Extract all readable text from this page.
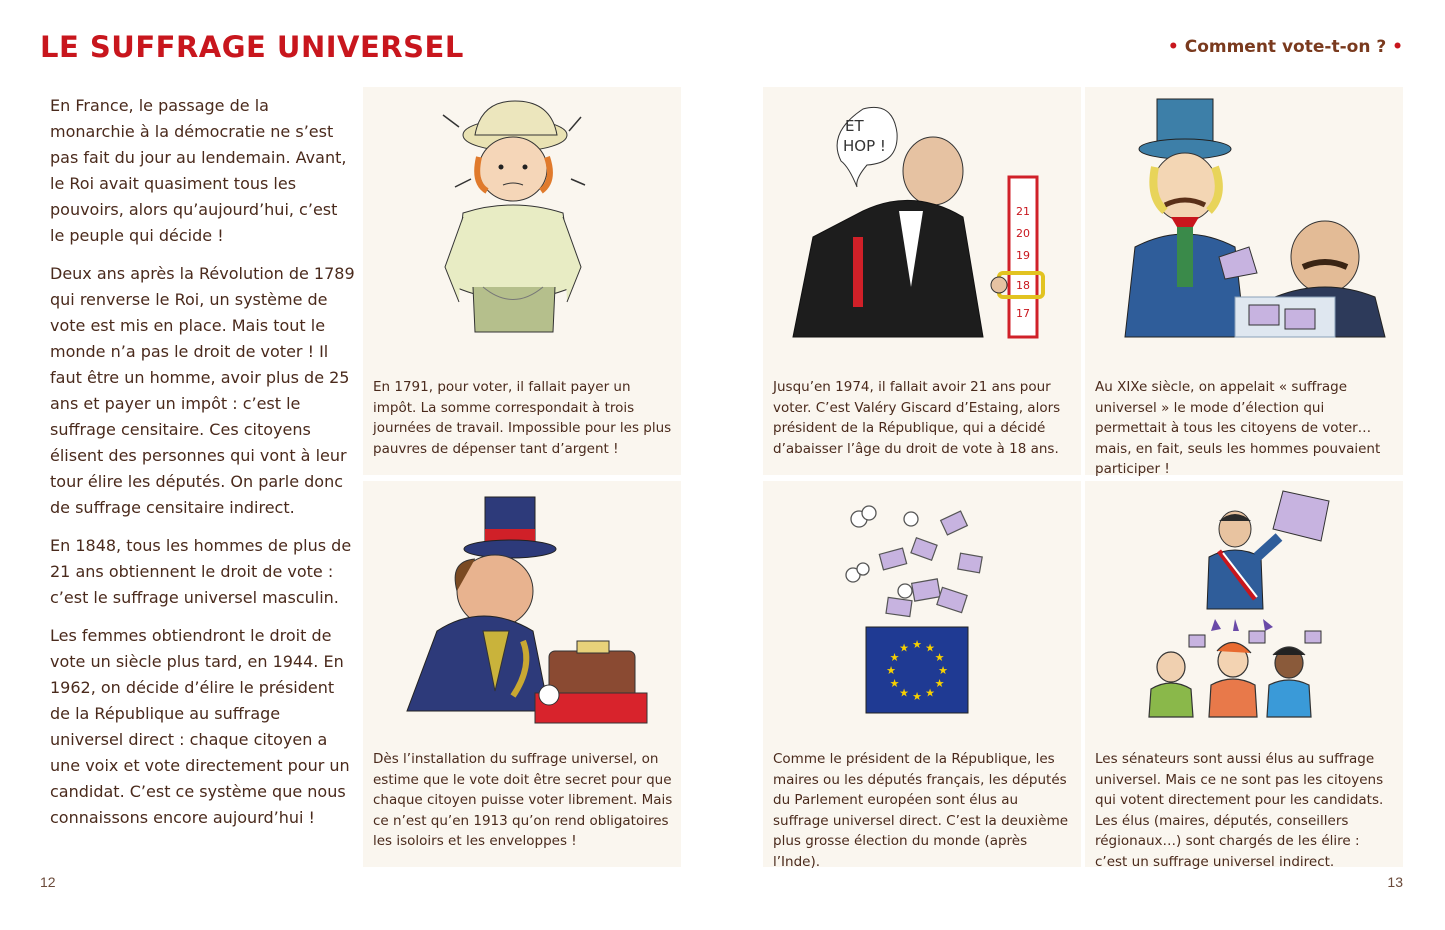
LE SUFFRAGE UNIVERSEL	• Comment vote-t-on ? •

En France, le passage de la monarchie à la démocratie ne s’est pas fait du jour au lendemain. Avant, le Roi avait quasiment tous les pouvoirs, alors qu’aujourd’hui, c’est le peuple qui décide !

Deux ans après la Révolution de 1789 qui renverse le Roi, un système de vote est mis en place. Mais tout le monde n’a pas le droit de voter ! Il faut être un homme, avoir plus de 25 ans et payer un impôt : c’est le suffrage censitaire. Ces citoyens élisent des personnes qui vont à leur tour élire les députés. On parle donc de suffrage censitaire indirect.

En 1848, tous les hommes de plus de 21 ans obtiennent le droit de vote : c’est le suffrage universel masculin.

Les femmes obtiendront le droit de vote un siècle plus tard, en 1944. En 1962, on décide d’élire le président de la République au suffrage universel direct : chaque citoyen a une voix et vote directement pour un candidat. C’est ce système que nous connaissons encore aujourd’hui !

En 1791, pour voter, il fallait payer un impôt. La somme correspondait à trois journées de travail. Impossible pour les plus pauvres de dépenser tant d’argent !
Dès l’installation du suffrage universel, on estime que le vote doit être secret pour que chaque citoyen puisse voter librement. Mais ce n’est qu’en 1913 qu’on rend obligatoires les isoloirs et les enveloppes !
ET
HOP !
21
20
19
18
17
Jusqu’en 1974, il fallait avoir 21 ans pour voter. C’est Valéry Giscard d’Estaing, alors président de la République, qui a décidé d’abaisser l’âge du droit de vote à 18 ans.
Au XIXe siècle, on appelait « suffrage universel » le mode d’élection qui permettait à tous les citoyens de voter… mais, en fait, seuls les hommes pouvaient participer !
★ ★
★
★
★
★
★
★
★
★
★
★
Comme le président de la République, les maires ou les députés français, les députés du Parlement européen sont élus au suffrage universel direct. C’est la deuxième plus grosse élection du monde (après l’Inde).
Les sénateurs sont aussi élus au suffrage universel. Mais ce ne sont pas les citoyens qui votent directement pour les candidats. Les élus (maires, députés, conseillers régionaux…) sont chargés de les élire : c’est un suffrage universel indirect.
12	13
